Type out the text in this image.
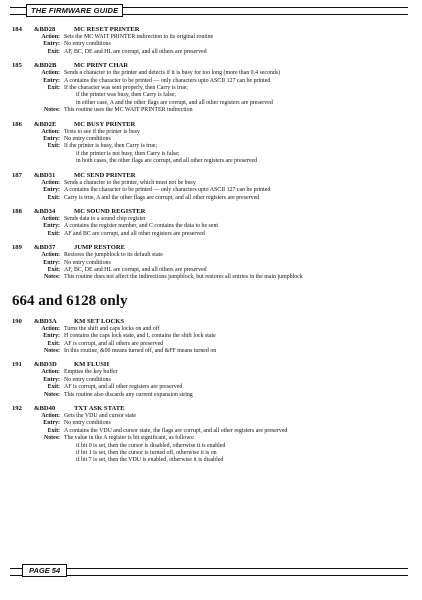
THE FIRMWARE GUIDE
184	&BD28	MC RESET PRINTER
Action: Sets the MC WAIT PRINTER indirection to its original routine
Entry: No entry conditions
Exit: AF, BC, DE and HL are corrupt, and all others are preserved
185	&BD2B	MC PRINT CHAR
Action: Sends a character to the printer and detects if it is busy for too long (more than 0.4 seconds)
Entry: A contains the character to be printed — only characters upto ASCII 127 can be printed
Exit: If the character was sent properly, then Carry is true;
if the printer was busy, then Carry is false;
in either case, A and the other flags are corrupt, and all other registers are preserved
Notes: This routine uses the MC WAIT PRINTER indirection
186	&BD2E	MC BUSY PRINTER
Action: Tests to see if the printer is busy
Entry: No entry conditions
Exit: If the printer is busy, then Carry is true;
if the printer is not busy, then Carry is false;
in both cases, the other flags are corrupt, and all other registers are preserved
187	&BD31	MC SEND PRINTER
Action: Sends a character to the printer, which must not be busy
Entry: A contains the character to be printed — only characters upto ASCII 127 can be printed
Exit: Carry is true, A and the other flags are corrupt, and all other registers are preserved
188	&BD34	MC SOUND REGISTER
Action: Sends data to a sound chip register
Entry: A contains the register number, and C contains the data to be sent
Exit: AF and BC are corrupt, and all other registers are preserved
189	&BD37	JUMP RESTORE
Action: Restores the jumpblock to its default state
Entry: No entry conditions
Exit: AF, BC, DE and HL are corrupt, and all others are preserved
Notes: This routine does not affect the indirections jumpblock, but restores all entries in the main jumpblock
664 and 6128 only
190	&BD3A	KM SET LOCKS
Action: Turns the shift and caps locks on and off
Entry: H contains the caps lock state, and L contains the shift lock state
Exit: AF is corrupt, and all others are preserved
Notes: In this routine, &00 means turned off, and &FF means turned on
191	&BD3D	KM FLUSH
Action: Empties the key buffer
Entry: No entry conditions
Exit: AF is corrupt, and all other registers are preserved
Notes: This routine also discards any current expansion string
192	&BD40	TXT ASK STATE
Action: Gets the VDU and cursor state
Entry: No entry conditions
Exit: A contains the VDU and cursor state, the flags are corrupt, and all other registers are preserved
Notes: The value in the A register is bit significant, as follows:
if bit 0 is set, then the cursor is disabled, otherwise it is enabled
if bit 1 is set, then the cursor is turned off, otherwise it is on
if bit 7 is set, then the VDU is enabled, otherwise it is disabled
PAGE 54
